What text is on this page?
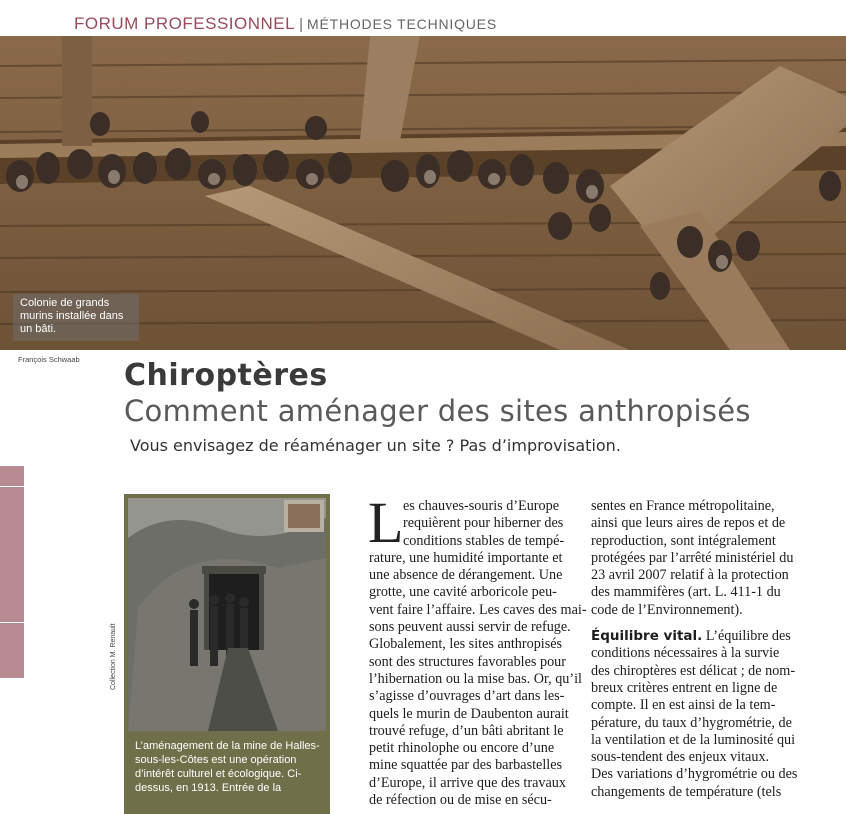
FORUM PROFESSIONNEL | MÉTHODES TECHNIQUES
Colonie de grands murins installée dans un bâti.
François Schwaab Chiroptères
Comment aménager des sites anthropisés
Vous envisagez de réaménager un site ? Pas d’improvisation.
Collection M. Renault
L’aménagement de la mine de Halles-sous-les-Côtes est une opération d’intérêt culturel et écologique. Ci-dessus, en 1913. Entrée de la
L es chauves-souris d’Europe
requièrent pour hiberner des
conditions stables de tempé-
rature, une humidité importante et
une absence de dérangement. Une
grotte, une cavité arboricole peu-
vent faire l’affaire. Les caves des mai-
sons peuvent aussi servir de refuge.
Globalement, les sites anthropisés
sont des structures favorables pour
l’hibernation ou la mise bas. Or, qu’il
s’agisse d’ouvrages d’art dans les-
quels le murin de Daubenton aurait
trouvé refuge, d’un bâti abritant le
petit rhinolophe ou encore d’une
mine squattée par des barbastelles
d’Europe, il arrive que des travaux
de réfection ou de mise en sécu-
sentes en France métropolitaine,
ainsi que leurs aires de repos et de
reproduction, sont intégralement
protégées par l’arrêté ministériel du
23 avril 2007 relatif à la protection
des mammifères (art. L. 411-1 du
code de l’Environnement).
Équilibre vital. L’équilibre des
conditions nécessaires à la survie
des chiroptères est délicat ; de nom-
breux critères entrent en ligne de
compte. Il en est ainsi de la tem-
pérature, du taux d’hygrométrie, de
la ventilation et de la luminosité qui
sous-tendent des enjeux vitaux.
Des variations d’hygrométrie ou des
changements de température (tels
